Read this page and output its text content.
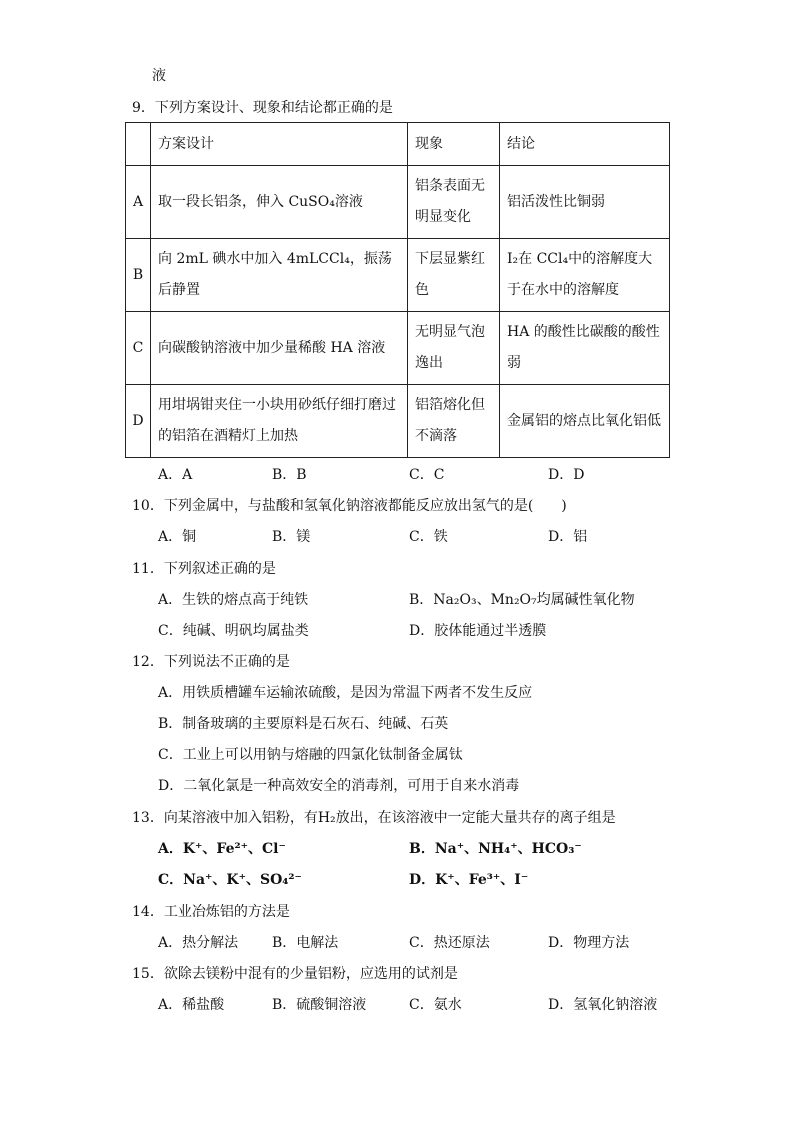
液
9．下列方案设计、现象和结论都正确的是
	方案设计	现象	结论
A	取一段长铝条，伸入 CuSO₄溶液	铝条表面无明显变化	铝活泼性比铜弱
B	向 2mL 碘水中加入 4mLCCl₄，振荡后静置	下层显紫红色	I₂在 CCl₄中的溶解度大于在水中的溶解度
C	向碳酸钠溶液中加少量稀酸 HA 溶液	无明显气泡逸出	HA 的酸性比碳酸的酸性弱
D	用坩埚钳夹住一小块用砂纸仔细打磨过的铝箔在酒精灯上加热	铝箔熔化但不滴落	金属铝的熔点比氧化铝低
A．A	B．B	C．C	D．D
10．下列金属中，与盐酸和氢氧化钠溶液都能反应放出氢气的是(　　)
A．铜	B．镁	C．铁	D．铝
11．下列叙述正确的是
A．生铁的熔点高于纯铁	B．Na₂O₃、Mn₂O₇均属碱性氧化物
C．纯碱、明矾均属盐类	D．胶体能通过半透膜
12．下列说法不正确的是
A．用铁质槽罐车运输浓硫酸，是因为常温下两者不发生反应
B．制备玻璃的主要原料是石灰石、纯碱、石英
C．工业上可以用钠与熔融的四氯化钛制备金属钛
D．二氧化氯是一种高效安全的消毒剂，可用于自来水消毒
13．向某溶液中加入铝粉，有H₂放出，在该溶液中一定能大量共存的离子组是
A．K⁺、Fe²⁺、Cl⁻	B．Na⁺、NH₄⁺、HCO₃⁻
C．Na⁺、K⁺、SO₄²⁻	D．K⁺、Fe³⁺、I⁻
14．工业冶炼铝的方法是
A．热分解法 B．电解法	C．热还原法	D．物理方法
15．欲除去镁粉中混有的少量铝粉，应选用的试剂是
A．稀盐酸	B．硫酸铜溶液	C．氨水	D．氢氧化钠溶液
